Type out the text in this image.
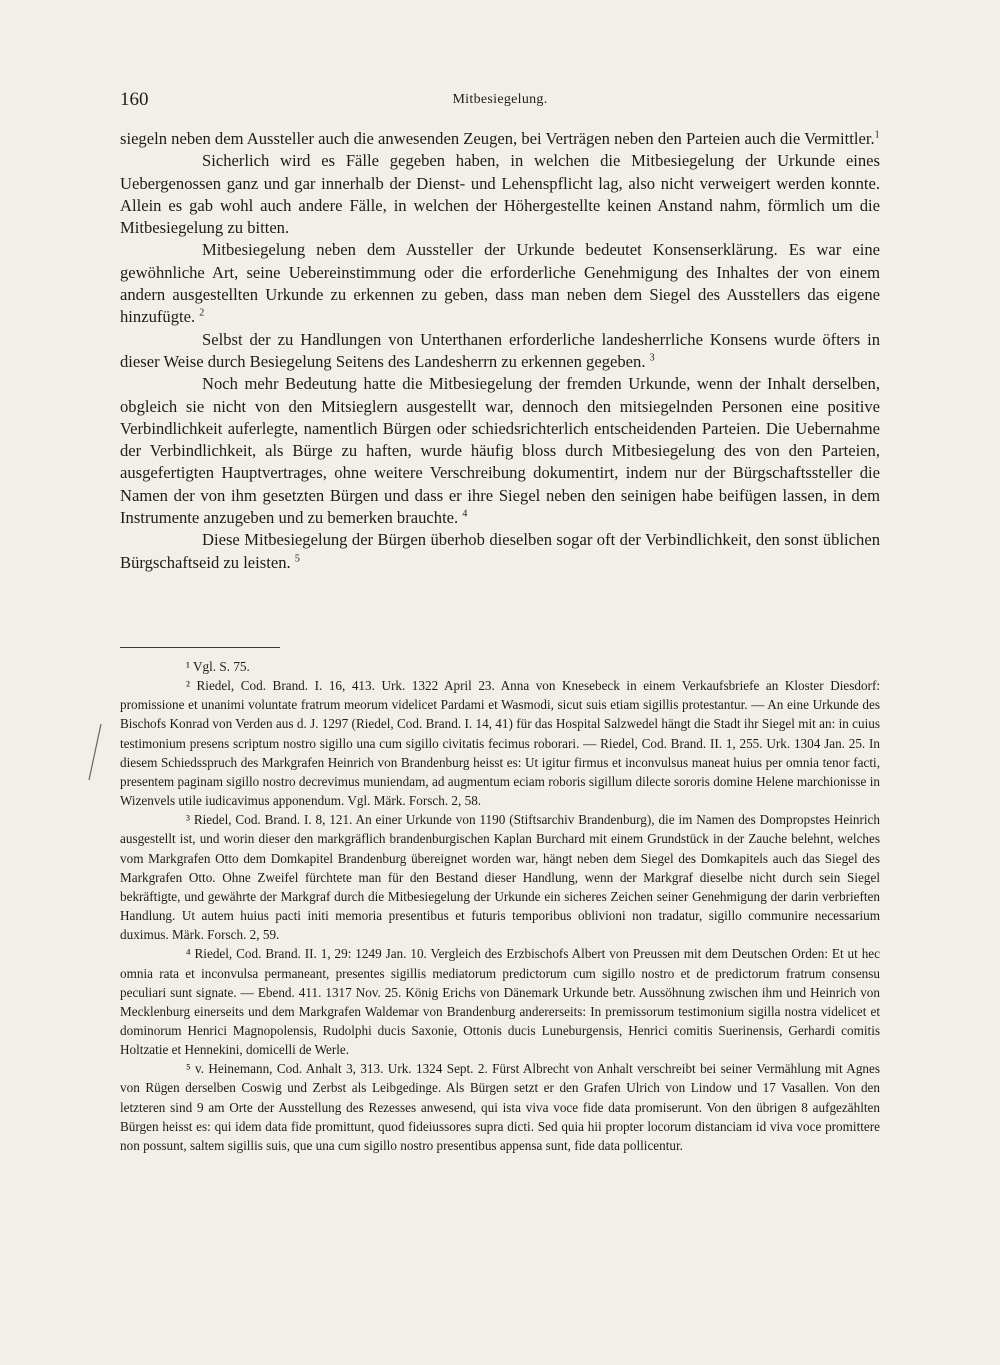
160	Mitbesiegelung.

siegeln neben dem Aussteller auch die anwesenden Zeugen, bei Verträgen neben den Parteien auch die Vermittler.$^1$

Sicherlich wird es Fälle gegeben haben, in welchen die Mitbesiegelung der Urkunde eines Uebergenossen ganz und gar innerhalb der Dienst- und Lehenspflicht lag, also nicht verweigert werden konnte. Allein es gab wohl auch andere Fälle, in welchen der Höhergestellte keinen Anstand nahm, förmlich um die Mitbesiegelung zu bitten.

Mitbesiegelung neben dem Aussteller der Urkunde bedeutet Konsenserklärung. Es war eine gewöhnliche Art, seine Uebereinstimmung oder die erforderliche Genehmigung des Inhaltes der von einem andern ausgestellten Urkunde zu erkennen zu geben, dass man neben dem Siegel des Ausstellers das eigene hinzufügte. $^2$

Selbst der zu Handlungen von Unterthanen erforderliche landesherrliche Konsens wurde öfters in dieser Weise durch Besiegelung Seitens des Landesherrn zu erkennen gegeben. $^3$

Noch mehr Bedeutung hatte die Mitbesiegelung der fremden Urkunde, wenn der Inhalt derselben, obgleich sie nicht von den Mitsieglern ausgestellt war, dennoch den mitsiegelnden Personen eine positive Verbindlichkeit auferlegte, namentlich Bürgen oder schiedsrichterlich entscheidenden Parteien. Die Uebernahme der Verbindlichkeit, als Bürge zu haften, wurde häufig bloss durch Mitbesiegelung des von den Parteien, ausgefertigten Hauptvertrages, ohne weitere Verschreibung dokumentirt, indem nur der Bürgschaftssteller die Namen der von ihm gesetzten Bürgen und dass er ihre Siegel neben den seinigen habe beifügen lassen, in dem Instrumente anzugeben und zu bemerken brauchte. $^4$

Diese Mitbesiegelung der Bürgen überhob dieselben sogar oft der Verbindlichkeit, den sonst üblichen Bürgschaftseid zu leisten. $^5$

¹ Vgl. S. 75.

² Riedel, Cod. Brand. I. 16, 413. Urk. 1322 April 23. Anna von Knesebeck in einem Verkaufsbriefe an Kloster Diesdorf: promissione et unanimi voluntate fratrum meorum videlicet Pardami et Wasmodi, sicut suis etiam sigillis protestantur. — An eine Urkunde des Bischofs Konrad von Verden aus d. J. 1297 (Riedel, Cod. Brand. I. 14, 41) für das Hospital Salzwedel hängt die Stadt ihr Siegel mit an: in cuius testimonium presens scriptum nostro sigillo una cum sigillo civitatis fecimus roborari. — Riedel, Cod. Brand. II. 1, 255. Urk. 1304 Jan. 25. In diesem Schiedsspruch des Markgrafen Heinrich von Brandenburg heisst es: Ut igitur firmus et inconvulsus maneat huius per omnia tenor facti, presentem paginam sigillo nostro decrevimus muniendam, ad augmentum eciam roboris sigillum dilecte sororis domine Helene marchionisse in Wizenvels utile iudicavimus apponendum. Vgl. Märk. Forsch. 2, 58.

³ Riedel, Cod. Brand. I. 8, 121. An einer Urkunde von 1190 (Stiftsarchiv Brandenburg), die im Namen des Dompropstes Heinrich ausgestellt ist, und worin dieser den markgräflich brandenburgischen Kaplan Burchard mit einem Grundstück in der Zauche belehnt, welches vom Markgrafen Otto dem Domkapitel Brandenburg übereignet worden war, hängt neben dem Siegel des Domkapitels auch das Siegel des Markgrafen Otto. Ohne Zweifel fürchtete man für den Bestand dieser Handlung, wenn der Markgraf dieselbe nicht durch sein Siegel bekräftigte, und gewährte der Markgraf durch die Mitbesiegelung der Urkunde ein sicheres Zeichen seiner Genehmigung der darin verbrieften Handlung. Ut autem huius pacti initi memoria presentibus et futuris temporibus oblivioni non tradatur, sigillo communire necessarium duximus. Märk. Forsch. 2, 59.

⁴ Riedel, Cod. Brand. II. 1, 29: 1249 Jan. 10. Vergleich des Erzbischofs Albert von Preussen mit dem Deutschen Orden: Et ut hec omnia rata et inconvulsa permaneant, presentes sigillis mediatorum predictorum cum sigillo nostro et de predictorum fratrum consensu peculiari sunt signate. — Ebend. 411. 1317 Nov. 25. König Erichs von Dänemark Urkunde betr. Aussöhnung zwischen ihm und Heinrich von Mecklenburg einerseits und dem Markgrafen Waldemar von Brandenburg andererseits: In premissorum testimonium sigilla nostra videlicet et dominorum Henrici Magnopolensis, Rudolphi ducis Saxonie, Ottonis ducis Luneburgensis, Henrici comitis Suerinensis, Gerhardi comitis Holtzatie et Hennekini, domicelli de Werle.

⁵ v. Heinemann, Cod. Anhalt 3, 313. Urk. 1324 Sept. 2. Fürst Albrecht von Anhalt verschreibt bei seiner Vermählung mit Agnes von Rügen derselben Coswig und Zerbst als Leibgedinge. Als Bürgen setzt er den Grafen Ulrich von Lindow und 17 Vasallen. Von den letzteren sind 9 am Orte der Ausstellung des Rezesses anwesend, qui ista viva voce fide data promiserunt. Von den übrigen 8 aufgezählten Bürgen heisst es: qui idem data fide promittunt, quod fideiussores supra dicti. Sed quia hii propter locorum distanciam id viva voce promittere non possunt, saltem sigillis suis, que una cum sigillo nostro presentibus appensa sunt, fide data pollicentur.
